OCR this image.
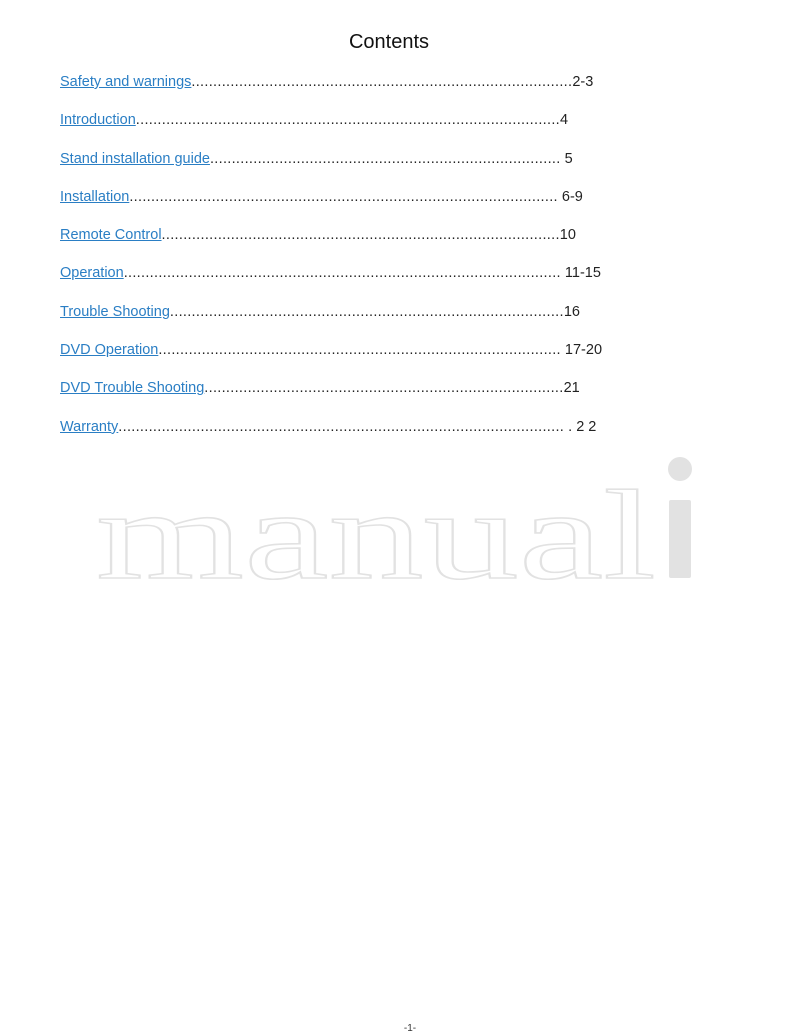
Contents
Safety and warnings........................................................................................2-3
Introduction..................................................................................................4
Stand installation guide................................................................................. 5
Installation................................................................................................... 6-9
Remote Control............................................................................................10
Operation..................................................................................................... 11-15
Trouble Shooting...........................................................................................16
DVD Operation............................................................................................. 17-20
DVD Trouble Shooting...................................................................................21
Warranty....................................................................................................... . 2 2
manual
-1-
